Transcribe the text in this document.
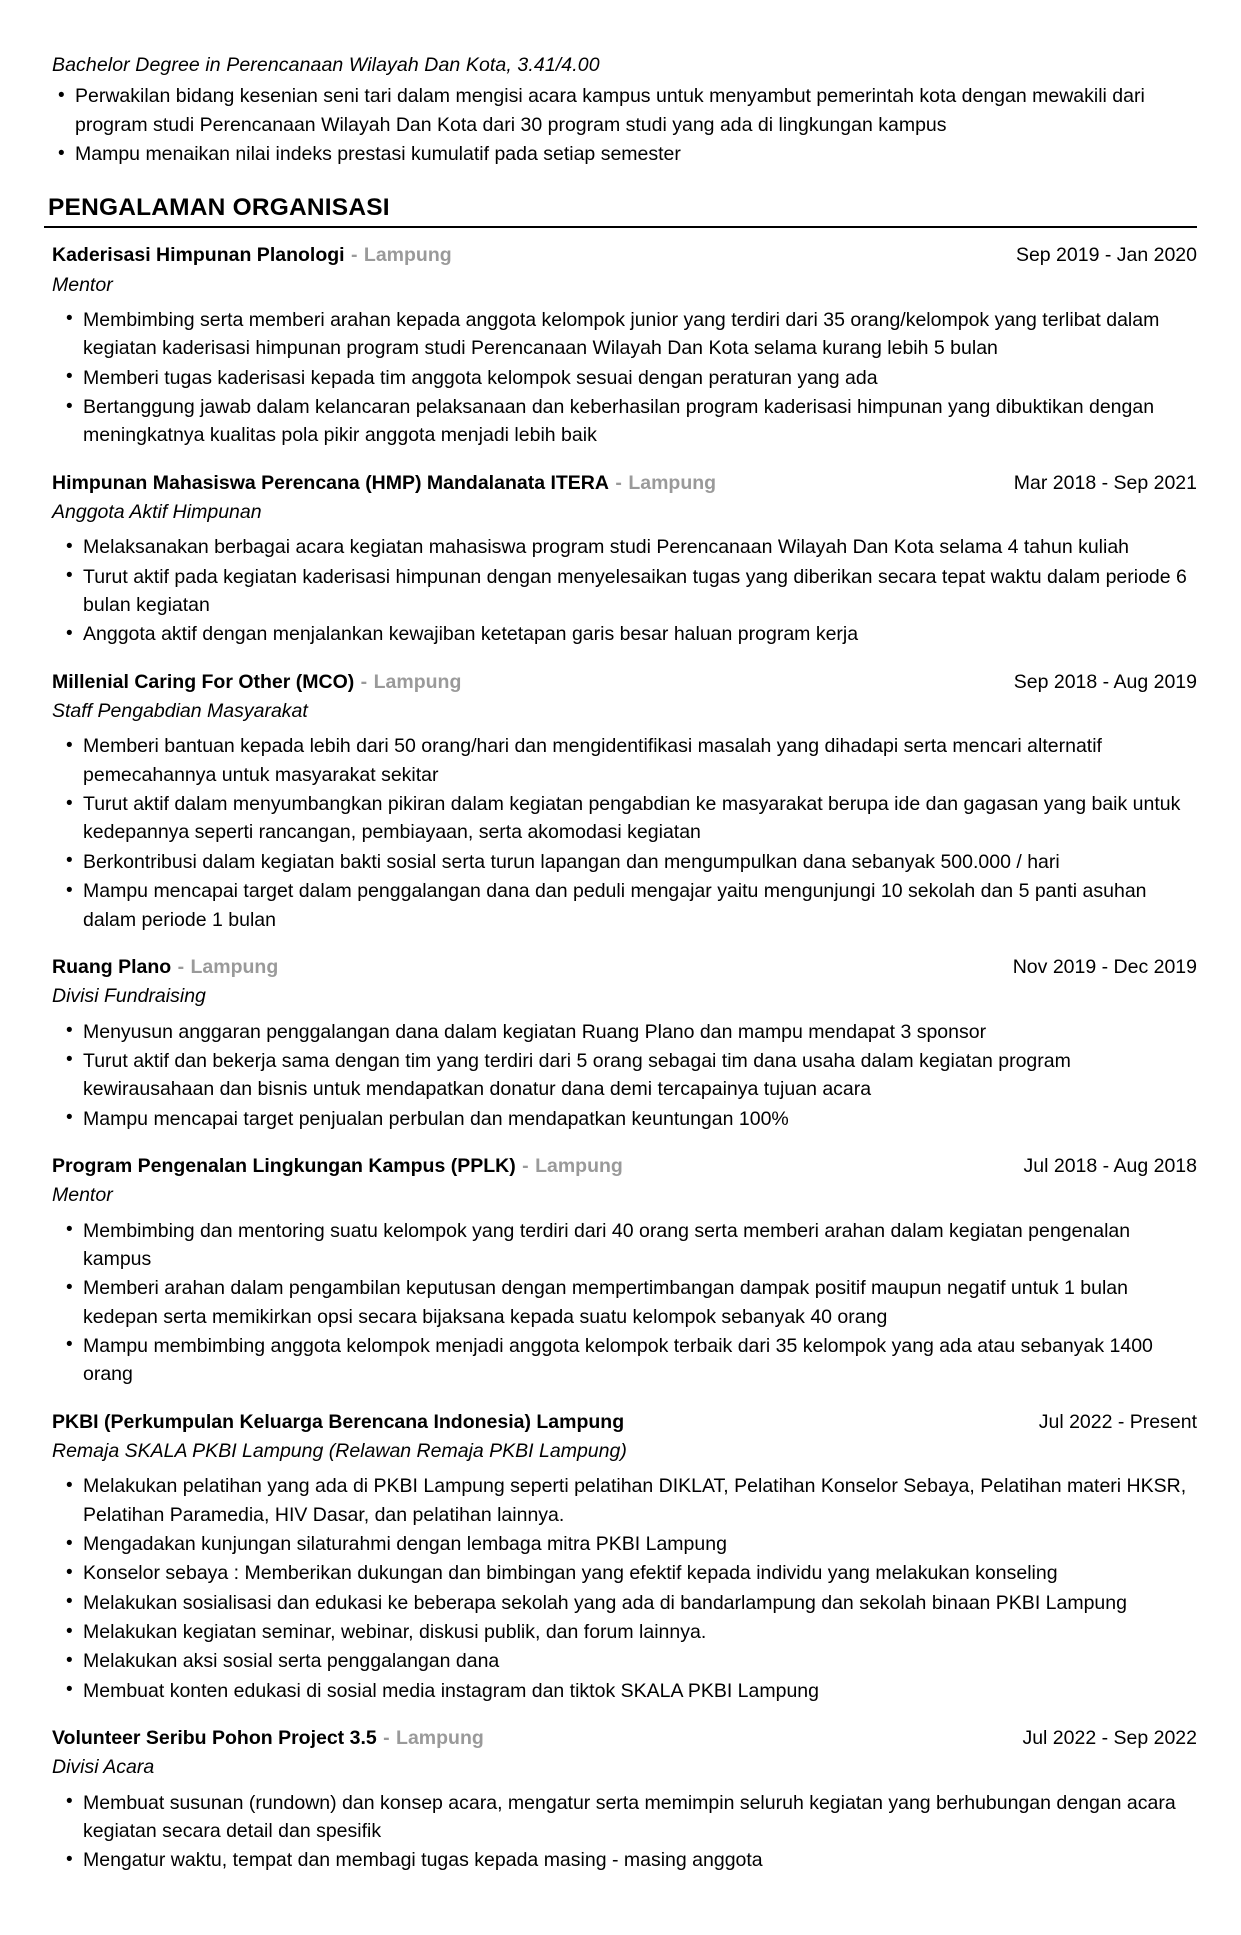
Bachelor Degree in Perencanaan Wilayah Dan Kota, 3.41/4.00
• Perwakilan bidang kesenian seni tari dalam mengisi acara kampus untuk menyambut pemerintah kota dengan mewakili dari program studi Perencanaan Wilayah Dan Kota dari 30 program studi yang ada di lingkungan kampus
• Mampu menaikan nilai indeks prestasi kumulatif pada setiap semester
PENGALAMAN ORGANISASI
Kaderisasi Himpunan Planologi - Lampung	Sep 2019 - Jan 2020
Mentor
• Membimbing serta memberi arahan kepada anggota kelompok junior yang terdiri dari 35 orang/kelompok yang terlibat dalam kegiatan kaderisasi himpunan program studi Perencanaan Wilayah Dan Kota selama kurang lebih 5 bulan
• Memberi tugas kaderisasi kepada tim anggota kelompok sesuai dengan peraturan yang ada
• Bertanggung jawab dalam kelancaran pelaksanaan dan keberhasilan program kaderisasi himpunan yang dibuktikan dengan meningkatnya kualitas pola pikir anggota menjadi lebih baik
Himpunan Mahasiswa Perencana (HMP) Mandalanata ITERA - Lampung	Mar 2018 - Sep 2021
Anggota Aktif Himpunan
• Melaksanakan berbagai acara kegiatan mahasiswa program studi Perencanaan Wilayah Dan Kota selama 4 tahun kuliah
• Turut aktif pada kegiatan kaderisasi himpunan dengan menyelesaikan tugas yang diberikan secara tepat waktu dalam periode 6 bulan kegiatan
• Anggota aktif dengan menjalankan kewajiban ketetapan garis besar haluan program kerja
Millenial Caring For Other (MCO) - Lampung	Sep 2018 - Aug 2019
Staff Pengabdian Masyarakat
• Memberi bantuan kepada lebih dari 50 orang/hari dan mengidentifikasi masalah yang dihadapi serta mencari alternatif pemecahannya untuk masyarakat sekitar
• Turut aktif dalam menyumbangkan pikiran dalam kegiatan pengabdian ke masyarakat berupa ide dan gagasan yang baik untuk kedepannya seperti rancangan, pembiayaan, serta akomodasi kegiatan
• Berkontribusi dalam kegiatan bakti sosial serta turun lapangan dan mengumpulkan dana sebanyak 500.000 / hari
• Mampu mencapai target dalam penggalangan dana dan peduli mengajar yaitu mengunjungi 10 sekolah dan 5 panti asuhan dalam periode 1 bulan
Ruang Plano - Lampung	Nov 2019 - Dec 2019
Divisi Fundraising
• Menyusun anggaran penggalangan dana dalam kegiatan Ruang Plano dan mampu mendapat 3 sponsor
• Turut aktif dan bekerja sama dengan tim yang terdiri dari 5 orang sebagai tim dana usaha dalam kegiatan program kewirausahaan dan bisnis untuk mendapatkan donatur dana demi tercapainya tujuan acara
• Mampu mencapai target penjualan perbulan dan mendapatkan keuntungan 100%
Program Pengenalan Lingkungan Kampus (PPLK) - Lampung	Jul 2018 - Aug 2018
Mentor
• Membimbing dan mentoring suatu kelompok yang terdiri dari 40 orang serta memberi arahan dalam kegiatan pengenalan kampus
• Memberi arahan dalam pengambilan keputusan dengan mempertimbangan dampak positif maupun negatif untuk 1 bulan kedepan serta memikirkan opsi secara bijaksana kepada suatu kelompok sebanyak 40 orang
• Mampu membimbing anggota kelompok menjadi anggota kelompok terbaik dari 35 kelompok yang ada atau sebanyak 1400 orang
PKBI (Perkumpulan Keluarga Berencana Indonesia) Lampung	Jul 2022 - Present
Remaja SKALA PKBI Lampung (Relawan Remaja PKBI Lampung)
• Melakukan pelatihan yang ada di PKBI Lampung seperti pelatihan DIKLAT, Pelatihan Konselor Sebaya, Pelatihan materi HKSR, Pelatihan Paramedia, HIV Dasar, dan pelatihan lainnya.
• Mengadakan kunjungan silaturahmi dengan lembaga mitra PKBI Lampung
• Konselor sebaya : Memberikan dukungan dan bimbingan yang efektif kepada individu yang melakukan konseling
• Melakukan sosialisasi dan edukasi ke beberapa sekolah yang ada di bandarlampung dan sekolah binaan PKBI Lampung
• Melakukan kegiatan seminar, webinar, diskusi publik, dan forum lainnya.
• Melakukan aksi sosial serta penggalangan dana
• Membuat konten edukasi di sosial media instagram dan tiktok SKALA PKBI Lampung
Volunteer Seribu Pohon Project 3.5 - Lampung	Jul 2022 - Sep 2022
Divisi Acara
• Membuat susunan (rundown) dan konsep acara, mengatur serta memimpin seluruh kegiatan yang berhubungan dengan acara kegiatan secara detail dan spesifik
• Mengatur waktu, tempat dan membagi tugas kepada masing - masing anggota
